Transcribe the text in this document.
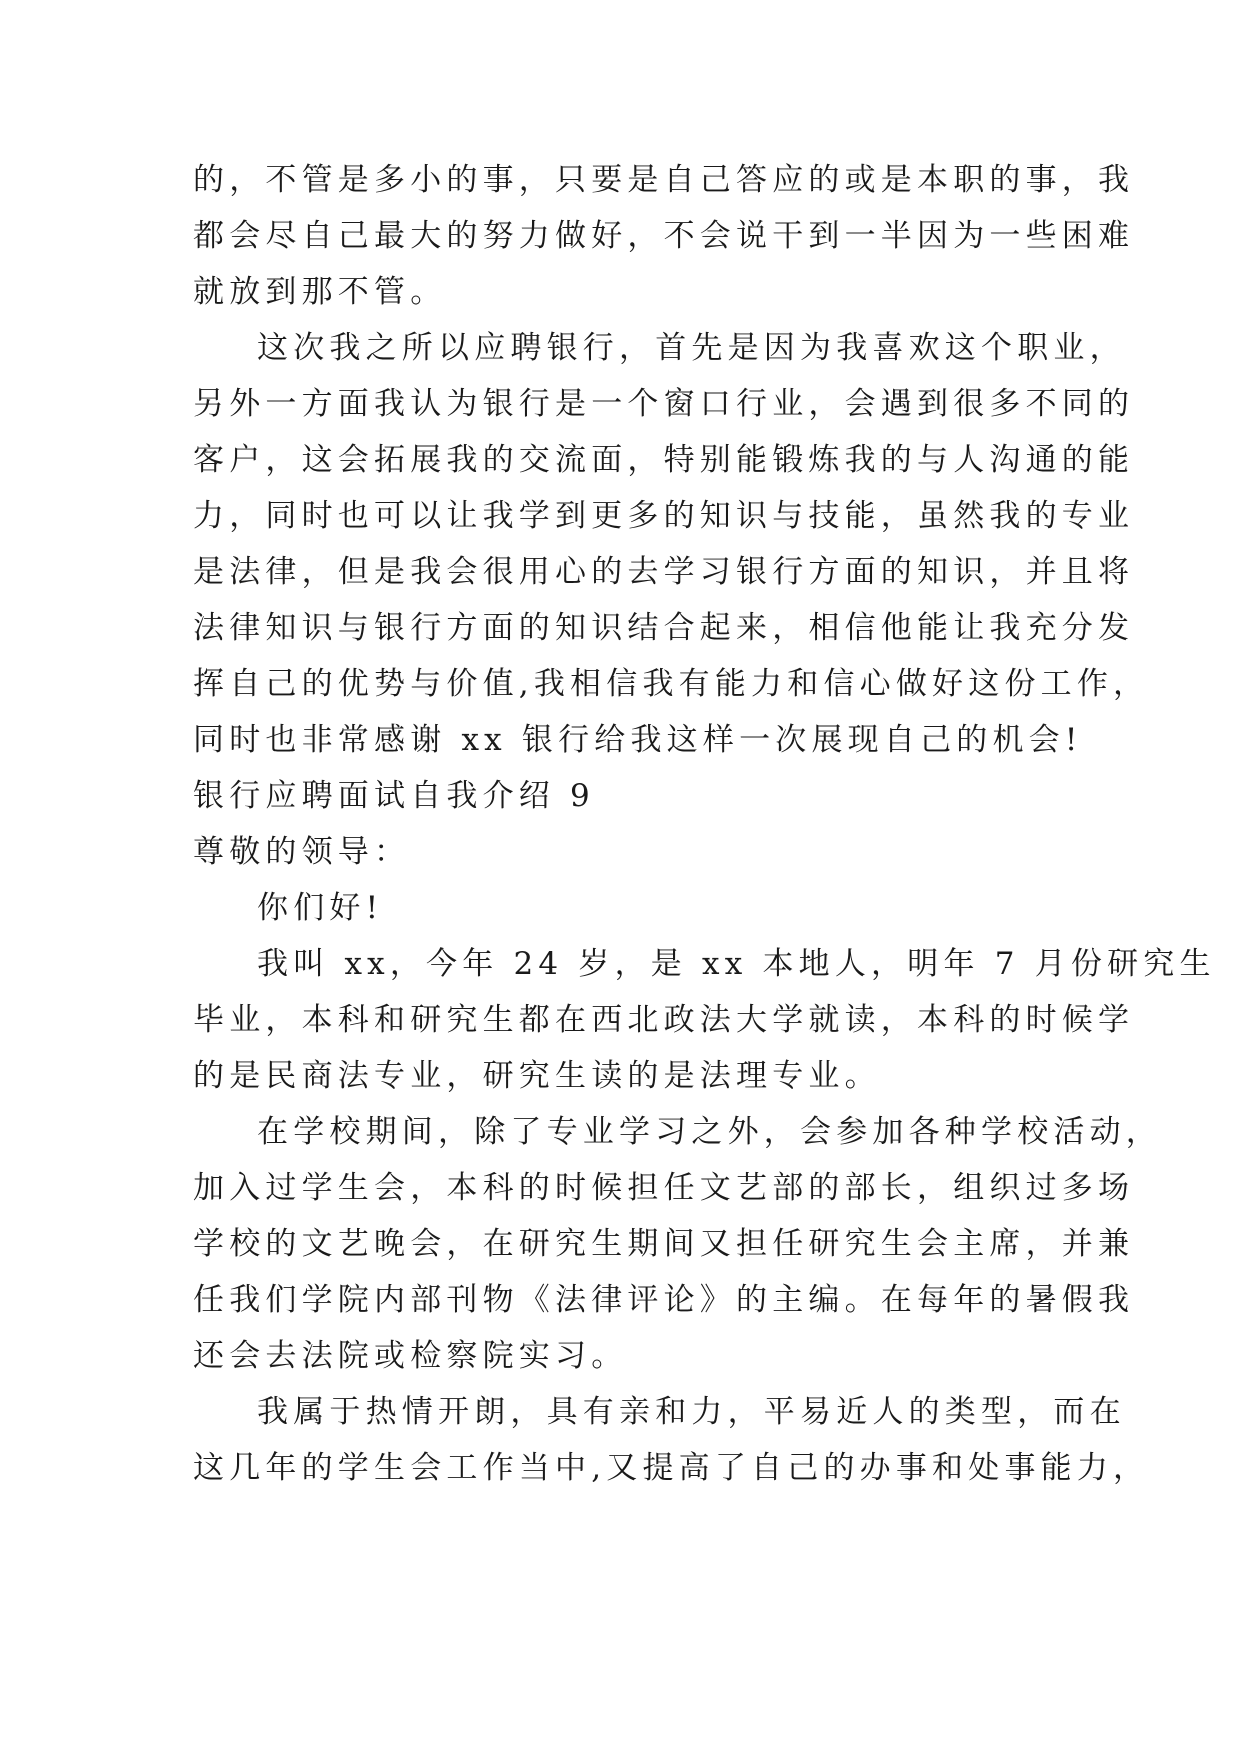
的，不管是多小的事，只要是自己答应的或是本职的事，我
都会尽自己最大的努力做好，不会说干到一半因为一些困难
就放到那不管。
这次我之所以应聘银行，首先是因为我喜欢这个职业，
另外一方面我认为银行是一个窗口行业，会遇到很多不同的
客户，这会拓展我的交流面，特别能锻炼我的与人沟通的能
力，同时也可以让我学到更多的知识与技能，虽然我的专业
是法律，但是我会很用心的去学习银行方面的知识，并且将
法律知识与银行方面的知识结合起来，相信他能让我充分发
挥自己的优势与价值,我相信我有能力和信心做好这份工作，
同时也非常感谢 xx 银行给我这样一次展现自己的机会!
银行应聘面试自我介绍 9
尊敬的领导：
你们好!
我叫 xx，今年 24 岁，是 xx 本地人，明年 7 月份研究生
毕业，本科和研究生都在西北政法大学就读，本科的时候学
的是民商法专业，研究生读的是法理专业。
在学校期间，除了专业学习之外，会参加各种学校活动，
加入过学生会，本科的时候担任文艺部的部长，组织过多场
学校的文艺晚会，在研究生期间又担任研究生会主席，并兼
任我们学院内部刊物《法律评论》的主编。在每年的暑假我
还会去法院或检察院实习。
我属于热情开朗，具有亲和力，平易近人的类型，而在
这几年的学生会工作当中,又提高了自己的办事和处事能力，
